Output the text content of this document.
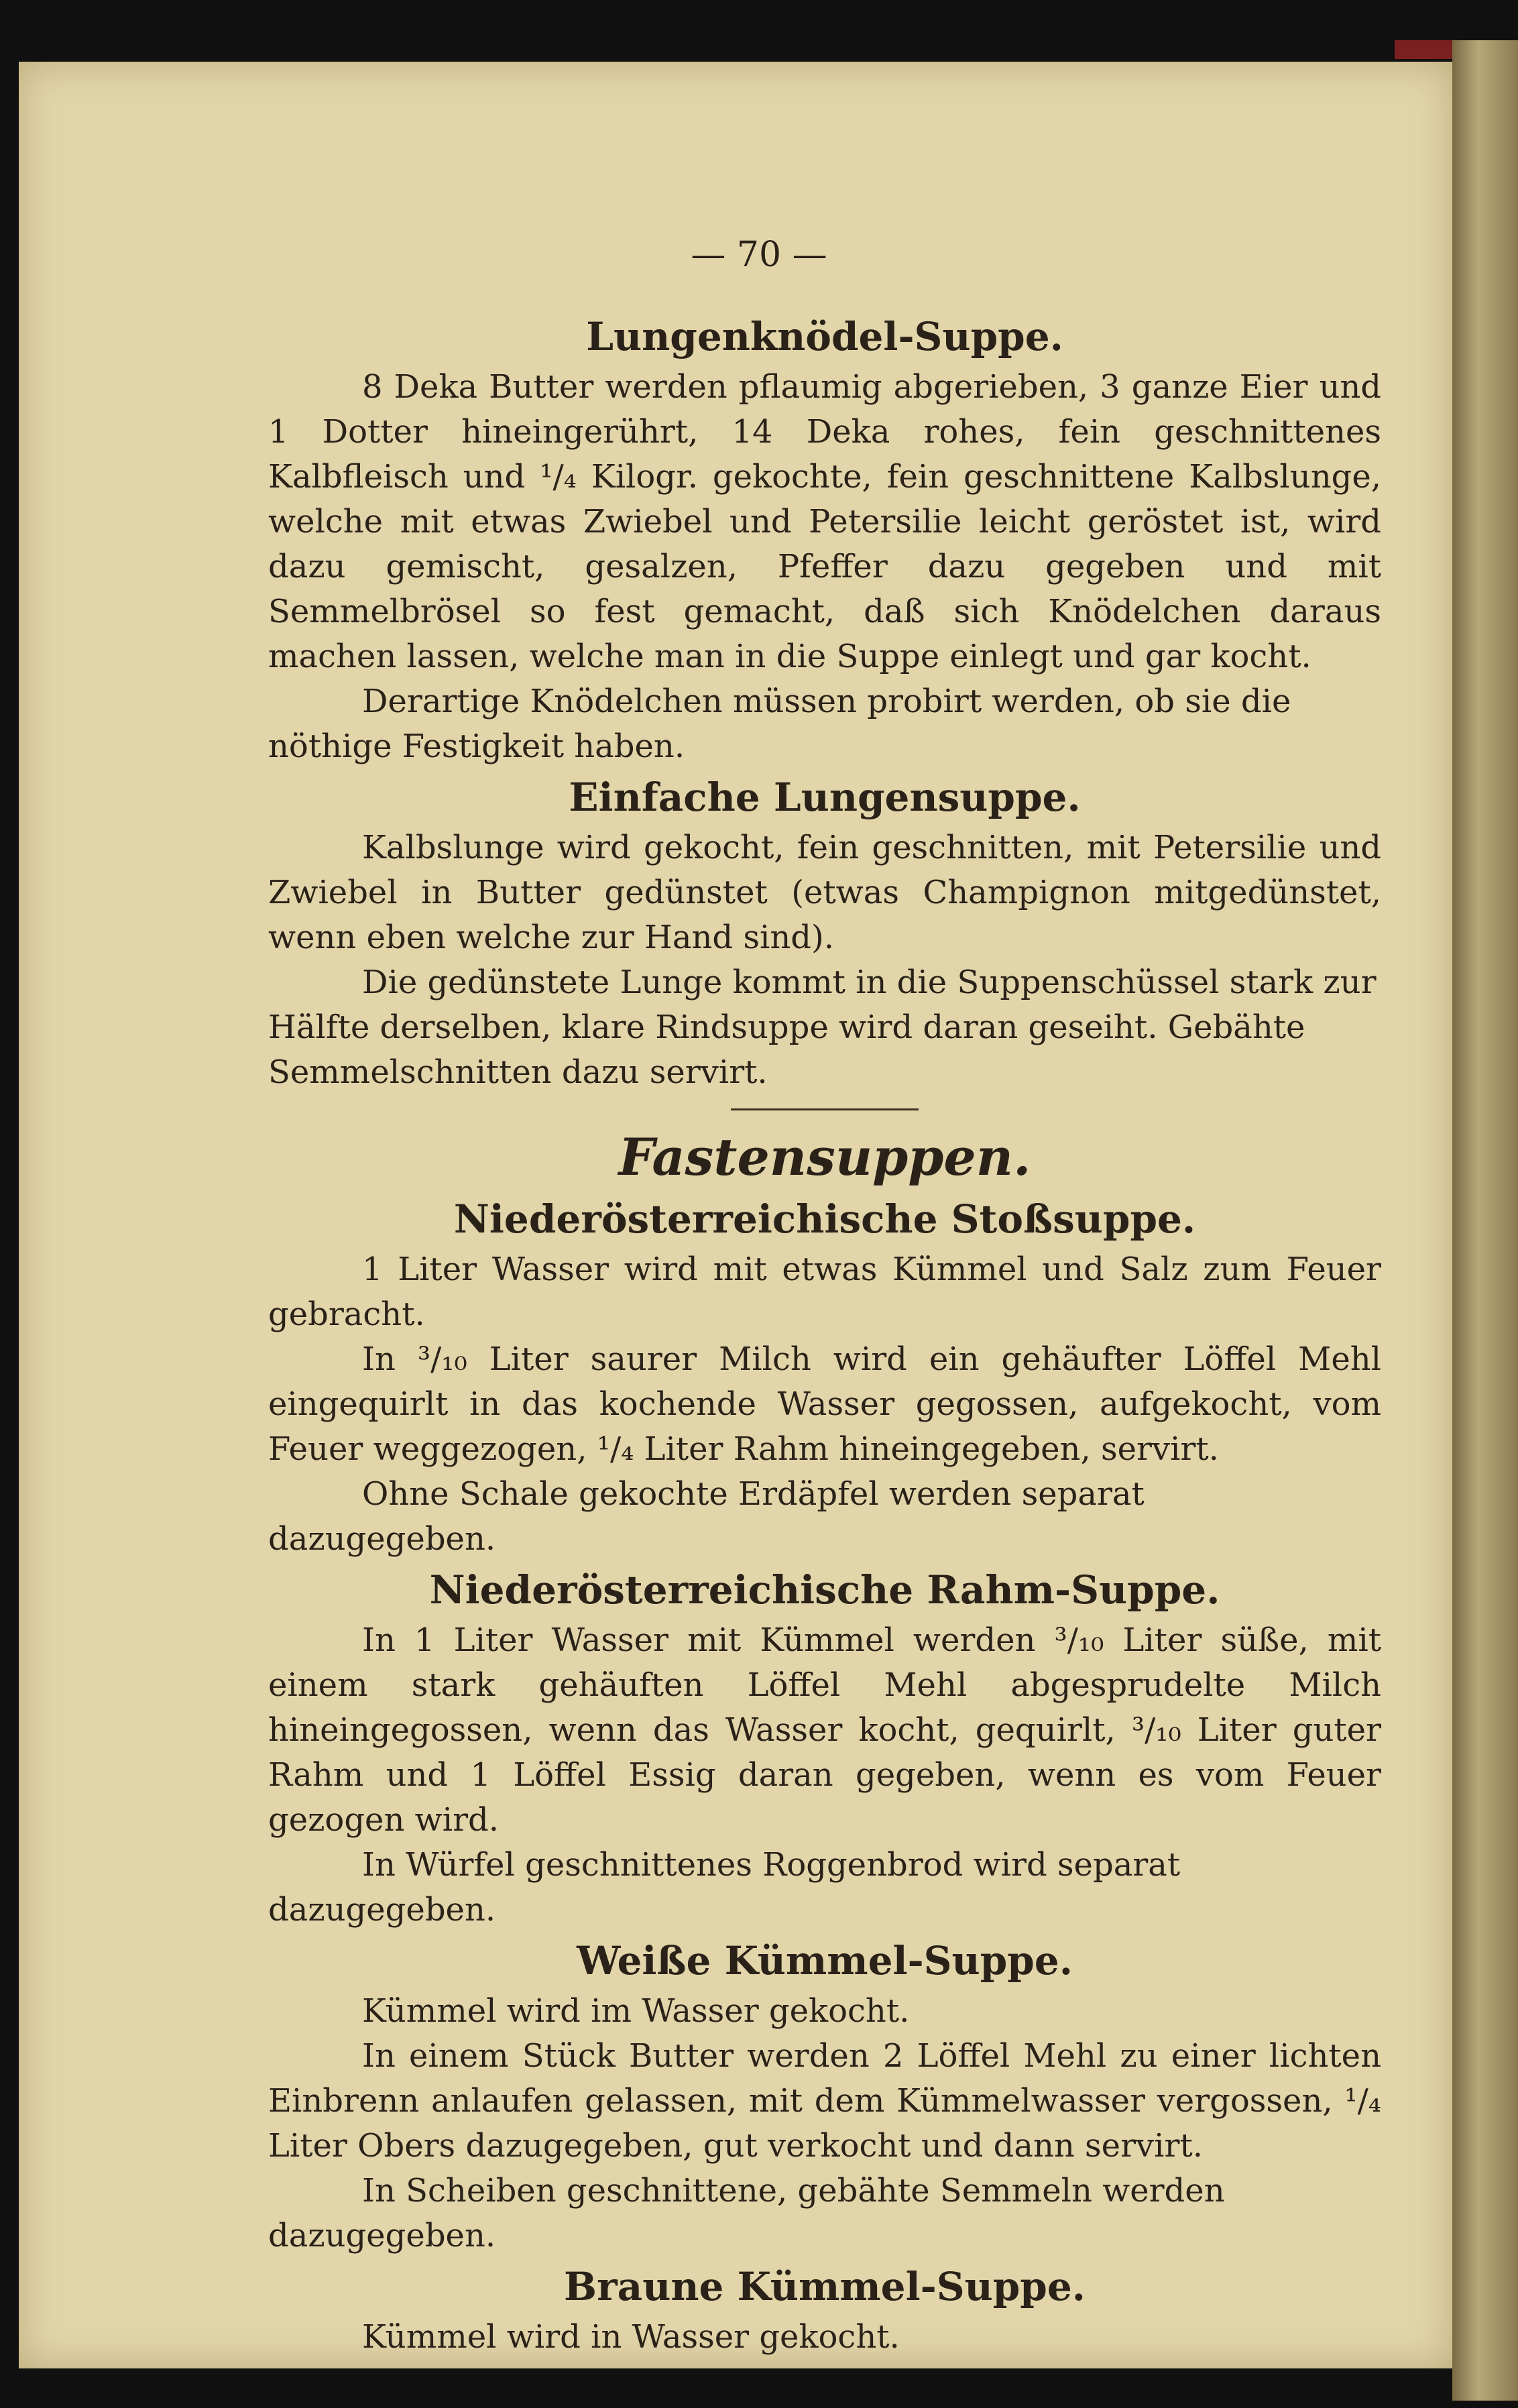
— 70 —
Lungenknödel-Suppe.

8 Deka Butter werden pflaumig abgerieben, 3 ganze Eier und 1 Dotter hineingerührt, 14 Deka rohes, fein geschnittenes Kalbfleisch und ¹/₄ Kilogr. gekochte, fein geschnittene Kalbslunge, welche mit etwas Zwiebel und Petersilie leicht geröstet ist, wird dazu gemischt, gesalzen, Pfeffer dazu gegeben und mit Semmelbrösel so fest gemacht, daß sich Knödelchen daraus machen lassen, welche man in die Suppe einlegt und gar kocht.

Derartige Knödelchen müssen probirt werden, ob sie die nöthige Festigkeit haben.

Einfache Lungensuppe.

Kalbslunge wird gekocht, fein geschnitten, mit Petersilie und Zwiebel in Butter gedünstet (etwas Champignon mitgedünstet, wenn eben welche zur Hand sind).

Die gedünstete Lunge kommt in die Suppenschüssel stark zur Hälfte derselben, klare Rindsuppe wird daran geseiht. Gebähte Semmelschnitten dazu servirt.

Fastensuppen.
Niederösterreichische Stoßsuppe.

1 Liter Wasser wird mit etwas Kümmel und Salz zum Feuer gebracht.

In ³/₁₀ Liter saurer Milch wird ein gehäufter Löffel Mehl eingequirlt in das kochende Wasser gegossen, aufgekocht, vom Feuer weggezogen, ¹/₄ Liter Rahm hineingegeben, servirt.

Ohne Schale gekochte Erdäpfel werden separat dazugegeben.

Niederösterreichische Rahm-Suppe.

In 1 Liter Wasser mit Kümmel werden ³/₁₀ Liter süße, mit einem stark gehäuften Löffel Mehl abgesprudelte Milch hineingegossen, wenn das Wasser kocht, gequirlt, ³/₁₀ Liter guter Rahm und 1 Löffel Essig daran gegeben, wenn es vom Feuer gezogen wird.

In Würfel geschnittenes Roggenbrod wird separat dazugegeben.

Weiße Kümmel-Suppe.

Kümmel wird im Wasser gekocht.

In einem Stück Butter werden 2 Löffel Mehl zu einer lichten Einbrenn anlaufen gelassen, mit dem Kümmelwasser vergossen, ¹/₄ Liter Obers dazugegeben, gut verkocht und dann servirt.

In Scheiben geschnittene, gebähte Semmeln werden dazugegeben.

Braune Kümmel-Suppe.

Kümmel wird in Wasser gekocht.
